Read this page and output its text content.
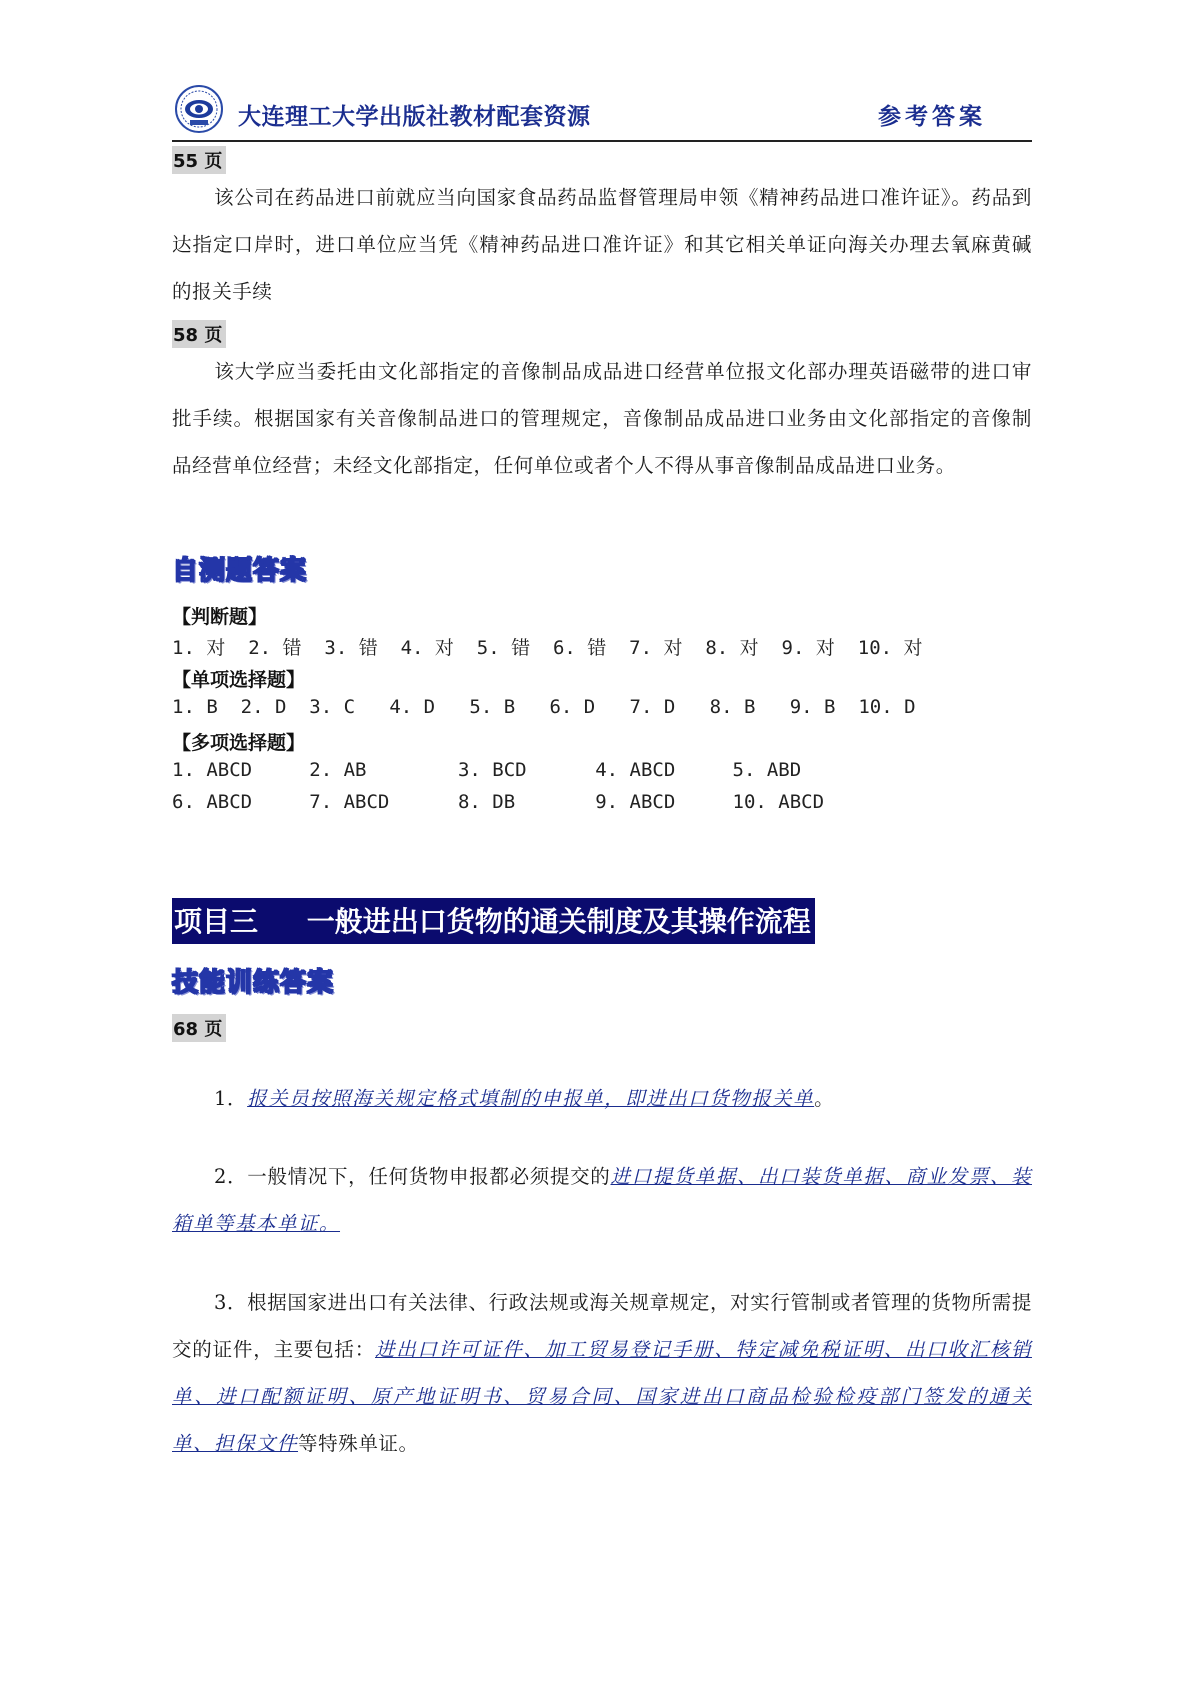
大连理工大学出版社教材配套资源	参考答案
55 页
该公司在药品进口前就应当向国家食品药品监督管理局申领《精神药品进口准许证》。药品到达指定口岸时，进口单位应当凭《精神药品进口准许证》和其它相关单证向海关办理去氧麻黄碱的报关手续
58 页
该大学应当委托由文化部指定的音像制品成品进口经营单位报文化部办理英语磁带的进口审批手续。根据国家有关音像制品进口的管理规定，音像制品成品进口业务由文化部指定的音像制品经营单位经营；未经文化部指定，任何单位或者个人不得从事音像制品成品进口业务。
自测题答案
【判断题】
1. 对  2. 错  3. 错  4. 对  5. 错  6. 错  7. 对  8. 对  9. 对  10. 对
【单项选择题】
1. B  2. D  3. C   4. D   5. B   6. D   7. D   8. B   9. B  10. D
【多项选择题】
1. ABCD     2. AB        3. BCD      4. ABCD     5. ABD
6. ABCD     7. ABCD      8. DB       9. ABCD     10. ABCD
项目三     一般进出口货物的通关制度及其操作流程
技能训练答案
68 页
1．报关员按照海关规定格式填制的申报单，即进出口货物报关单。
2．一般情况下，任何货物申报都必须提交的进口提货单据、出口装货单据、商业发票、装箱单等基本单证。
3．根据国家进出口有关法律、行政法规或海关规章规定，对实行管制或者管理的货物所需提交的证件，主要包括：进出口许可证件、加工贸易登记手册、特定减免税证明、出口收汇核销单、进口配额证明、原产地证明书、贸易合同、国家进出口商品检验检疫部门签发的通关单、担保文件等特殊单证。
